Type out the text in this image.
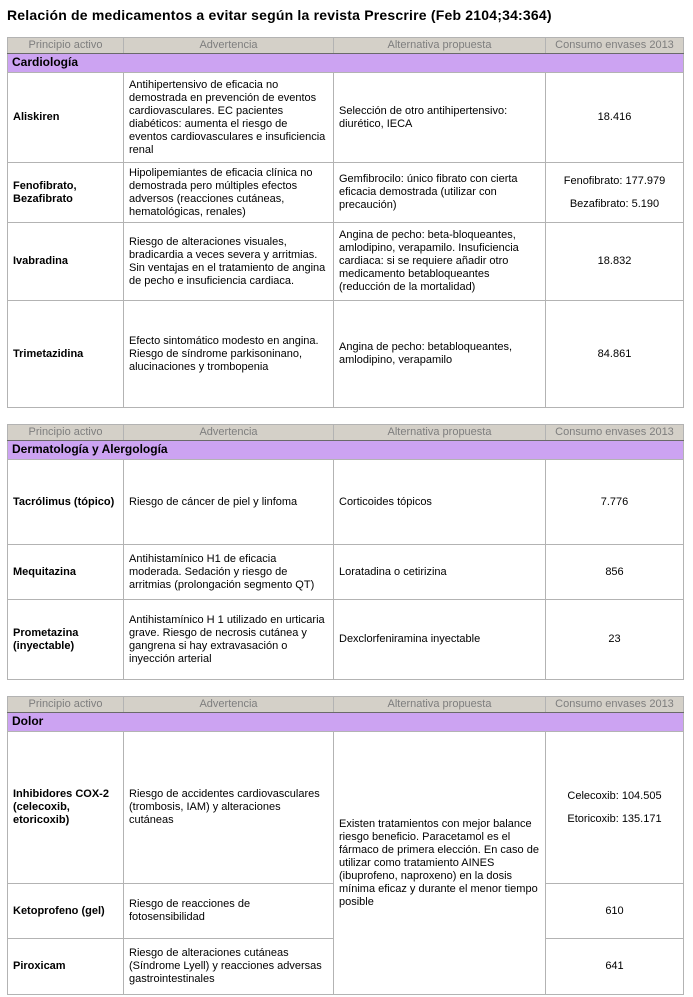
Relación de medicamentos a evitar según la revista Prescrire (Feb 2104;34:364)
Principio activo	Advertencia	Alternativa propuesta	Consumo envases 2013
Cardiología			
Aliskiren	Antihipertensivo de eficacia no demostrada en prevención de eventos cardiovasculares. EC pacientes diabéticos: aumenta el riesgo de eventos cardiovasculares e insuficiencia renal	Selección de otro antihipertensivo: diurético, IECA	18.416
Fenofibrato, Bezafibrato	Hipolipemiantes de eficacia clínica no demostrada pero múltiples efectos adversos (reacciones cutáneas, hematológicas, renales)	Gemfibrocilo: único fibrato con cierta eficacia demostrada (utilizar con precaución)	Fenofibrato: 177.979
Bezafibrato: 5.190

Ivabradina	Riesgo de alteraciones visuales, bradicardia a veces severa y arritmias. Sin ventajas en el tratamiento de angina de pecho e insuficiencia cardiaca.	Angina de pecho: beta-bloqueantes, amlodipino, verapamilo. Insuficiencia cardiaca: si se requiere añadir otro medicamento betabloqueantes (reducción de la mortalidad)	18.832
Trimetazidina	Efecto sintomático modesto en angina. Riesgo de síndrome parkisoninano, alucinaciones y trombopenia	Angina de pecho: betabloqueantes, amlodipino, verapamilo	84.861
Principio activo	Advertencia	Alternativa propuesta	Consumo envases 2013
Dermatología y Alergología			
Tacrólimus (tópico)	Riesgo de cáncer de piel y linfoma	Corticoides tópicos	7.776
Mequitazina	Antihistamínico H1 de eficacia moderada. Sedación y riesgo de arritmias (prolongación segmento QT)	Loratadina o cetirizina	856
Prometazina (inyectable)	Antihistamínico H 1 utilizado en urticaria grave. Riesgo de necrosis cutánea y gangrena si hay extravasación o inyección arterial	Dexclorfeniramina inyectable	23
Principio activo	Advertencia	Alternativa propuesta	Consumo envases 2013
Dolor			
Inhibidores COX-2 (celecoxib, etoricoxib)	Riesgo de accidentes cardiovasculares (trombosis, IAM) y alteraciones cutáneas	Existen tratamientos con mejor balance riesgo beneficio. Paracetamol es el fármaco de primera elección. En caso de utilizar como tratamiento AINES (ibuprofeno, naproxeno) en la dosis mínima eficaz y durante el menor tiempo posible	Celecoxib: 104.505
Etoricoxib: 135.171

Ketoprofeno (gel)	Riesgo de reacciones de fotosensibilidad		610
Piroxicam	Riesgo de alteraciones cutáneas (Síndrome Lyell) y reacciones adversas gastrointestinales		641
